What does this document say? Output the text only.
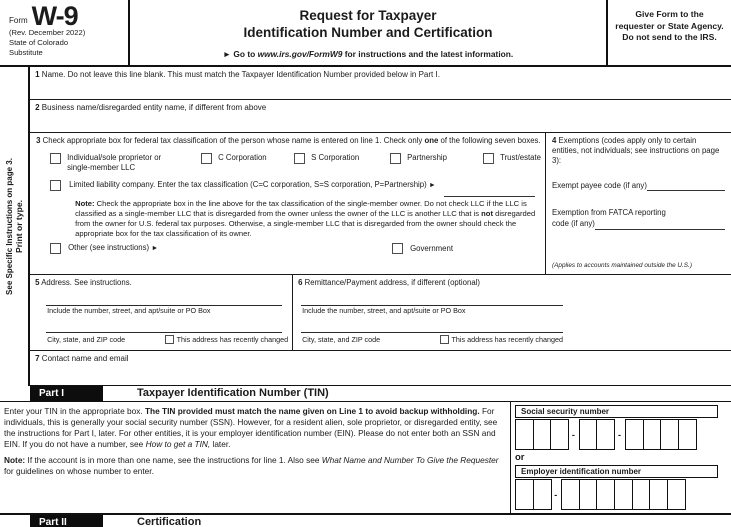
Form W-9
(Rev. December 2022)
State of Colorado
Substitute
Request for Taxpayer
Identification Number and Certification
► Go to www.irs.gov/FormW9 for instructions and the latest information.
Give Form to the requester or State Agency. Do not send to the IRS.
See Specific Instructions on page 3. Print or type.
1 Name. Do not leave this line blank. This must match the Taxpayer Identification Number provided below in Part I.
2 Business name/disregarded entity name, if different from above
3 Check appropriate box for federal tax classification of the person whose name is entered on line 1. Check only one of the following seven boxes.
Individual/sole proprietor or single-member LLC
C Corporation	S Corporation	Partnership	Trust/estate
Limited liability company. Enter the tax classification (C=C corporation, S=S corporation, P=Partnership) ►
Note: Check the appropriate box in the line above for the tax classification of the single-member owner. Do not check LLC if the LLC is classified as a single-member LLC that is disregarded from the owner unless the owner of the LLC is another LLC that is not disregarded from the owner for U.S. federal tax purposes. Otherwise, a single-member LLC that is disregarded from the owner should check the appropriate box for the tax classification of its owner.
Other (see instructions) ►	Government
4 Exemptions (codes apply only to certain entities, not individuals; see instructions on page 3):
Exempt payee code (if any)
Exemption from FATCA reporting
code (if any)
(Applies to accounts maintained outside the U.S.)
5 Address. See instructions.
Include the number, street, and apt/suite or PO Box
City, state, and ZIP code	This address has recently changed
6 Remittance/Payment address, if different (optional)
Include the number, street, and apt/suite or PO Box
City, state, and ZIP code	This address has recently changed
7 Contact name and email
Part I	Taxpayer Identification Number (TIN)
Enter your TIN in the appropriate box. The TIN provided must match the name given on Line 1 to avoid backup withholding. For individuals, this is generally your social security number (SSN). However, for a resident alien, sole proprietor, or disregarded entity, see the instructions for Part I, later. For other entities, it is your employer identification number (EIN). Please do not enter both an SSN and EIN. If you do not have a number, see How to get a TIN, later.
Note: If the account is in more than one name, see the instructions for line 1. Also see What Name and Number To Give the Requester for guidelines on whose number to enter.
Social security number
-	-
or
Employer identification number
-
Part II	Certification
